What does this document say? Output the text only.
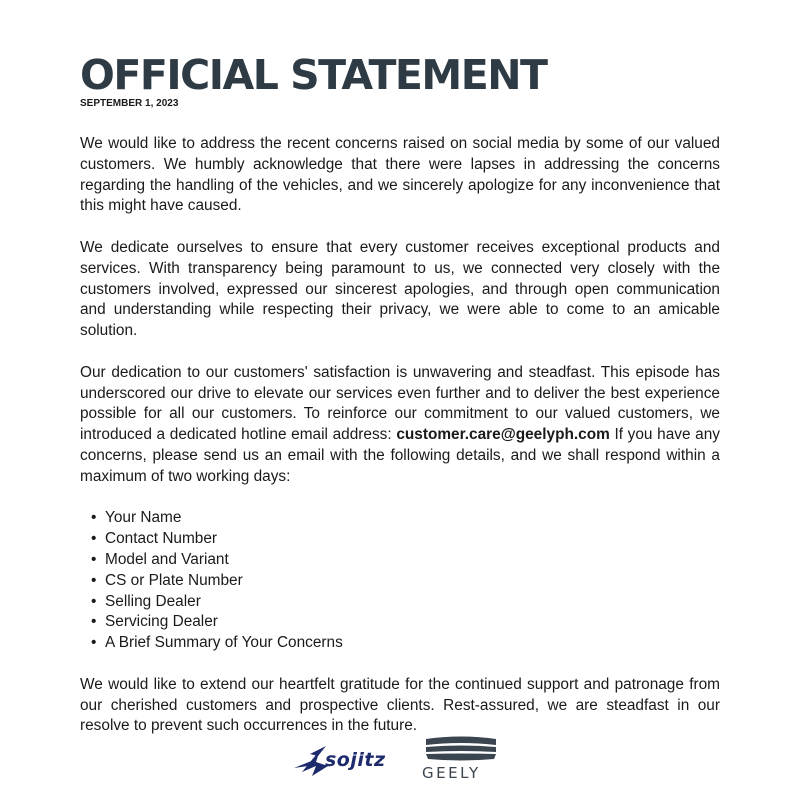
OFFICIAL STATEMENT
SEPTEMBER 1, 2023

We would like to address the recent concerns raised on social media by some of our valued customers. We humbly acknowledge that there were lapses in addressing the concerns regarding the handling of the vehicles, and we sincerely apologize for any inconvenience that this might have caused.

We dedicate ourselves to ensure that every customer receives exceptional products and services. With transparency being paramount to us, we connected very closely with the customers involved, expressed our sincerest apologies, and through open communication and understanding while respecting their privacy, we were able to come to an amicable solution.

Our dedication to our customers' satisfaction is unwavering and steadfast. This episode has underscored our drive to elevate our services even further and to deliver the best experience possible for all our customers. To reinforce our commitment to our valued customers, we introduced a dedicated hotline email address: customer.care@geelyph.com If you have any concerns, please send us an email with the following details, and we shall respond within a maximum of two working days:

• Your Name
• Contact Number
• Model and Variant
• CS or Plate Number
• Selling Dealer
• Servicing Dealer
• A Brief Summary of Your Concerns

We would like to extend our heartfelt gratitude for the continued support and patronage from our cherished customers and prospective clients. Rest-assured, we are steadfast in our resolve to prevent such occurrences in the future.

sojitz
GEELY
